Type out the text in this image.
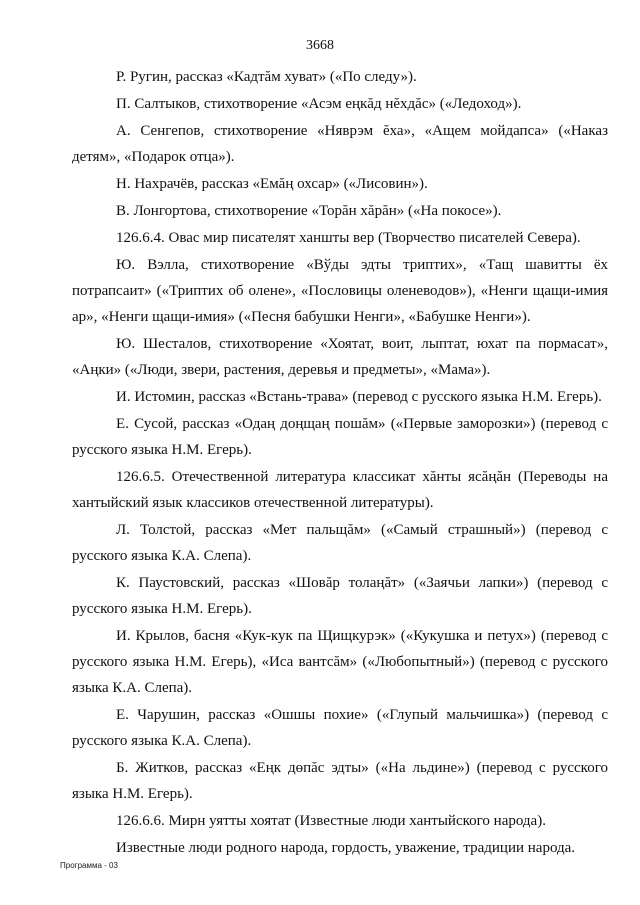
3668

Р. Ругин, рассказ «Кадтăм хуват» («По следу»).

П. Салтыков, стихотворение «Асэм еңкăд нĕхдăс» («Ледоход»).

А. Сенгепов, стихотворение «Няврэм ĕха», «Ащем мойдапса» («Наказ детям», «Подарок отца»).

Н. Нахрачёв, рассказ «Емăң охсар» («Лисовин»).

В. Лонгортова, стихотворение «Торăн хăрăн» («На покосе»).

126.6.4. Овас мир писателят ханшты вер (Творчество писателей Севера).

Ю. Вэлла, стихотворение «Вўды эдты триптих», «Тащ шавитты ёх потрапсаит» («Триптих об олене», «Пословицы оленеводов»), «Ненги щащи-имия ар», «Ненги щащи-имия» («Песня бабушки Ненги», «Бабушке Ненги»).

Ю. Шесталов, стихотворение «Хоятат, воит, лыптат, юхат па пормасат», «Аңки» («Люди, звери, растения, деревья и предметы», «Мама»).

И. Истомин, рассказ «Встань-трава» (перевод с русского языка Н.М. Егерь).

Е. Сусой, рассказ «Одаң доңщаң пошăм» («Первые заморозки») (перевод с русского языка Н.М. Егерь).

126.6.5. Отечественной литература классикат хăнты ясăңăн (Переводы на хантыйский язык классиков отечественной литературы).

Л. Толстой, рассказ «Мет пальщăм» («Самый страшный») (перевод с русского языка К.А. Слепа).

К. Паустовский, рассказ «Шовăр толаңăт» («Заячьи лапки») (перевод с русского языка Н.М. Егерь).

И. Крылов, басня «Кук-кук па Щищкурэк» («Кукушка и петух») (перевод с русского языка Н.М. Егерь), «Иса вантсăм» («Любопытный») (перевод с русского языка К.А. Слепа).

Е. Чарушин, рассказ «Ошшы похие» («Глупый мальчишка») (перевод с русского языка К.А. Слепа).

Б. Житков, рассказ «Еңк дөпăс эдты» («На льдине») (перевод с русского языка Н.М. Егерь).

126.6.6. Мирн уятты хоятат (Известные люди хантыйского народа).

Известные люди родного народа, гордость, уважение, традиции народа.

Программа - 03
